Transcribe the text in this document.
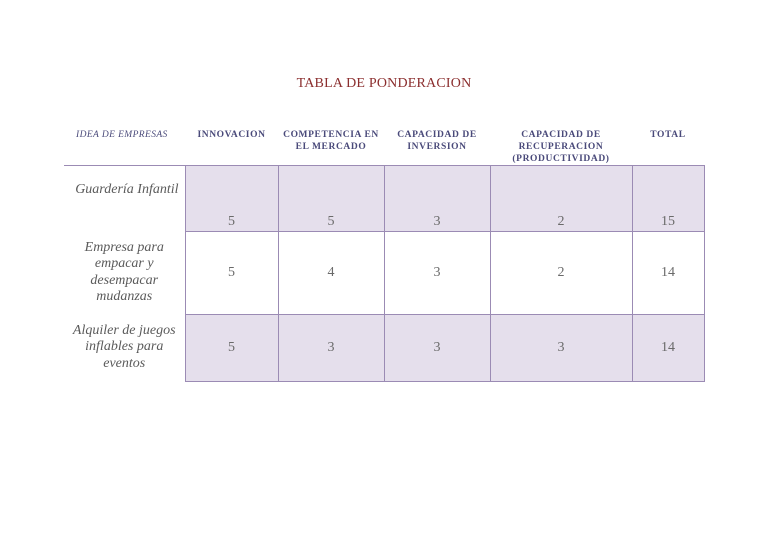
TABLA DE PONDERACION
IDEA DE EMPRESAS	INNOVACION	COMPETENCIA EN EL MERCADO	CAPACIDAD DE INVERSION	CAPACIDAD DE RECUPERACION (PRODUCTIVIDAD)	TOTAL
Guardería Infantil	5	5	3	2	15
Empresa para empacar y desempacar mudanzas	5	4	3	2	14
Alquiler de juegos inflables para eventos	5	3	3	3	14
